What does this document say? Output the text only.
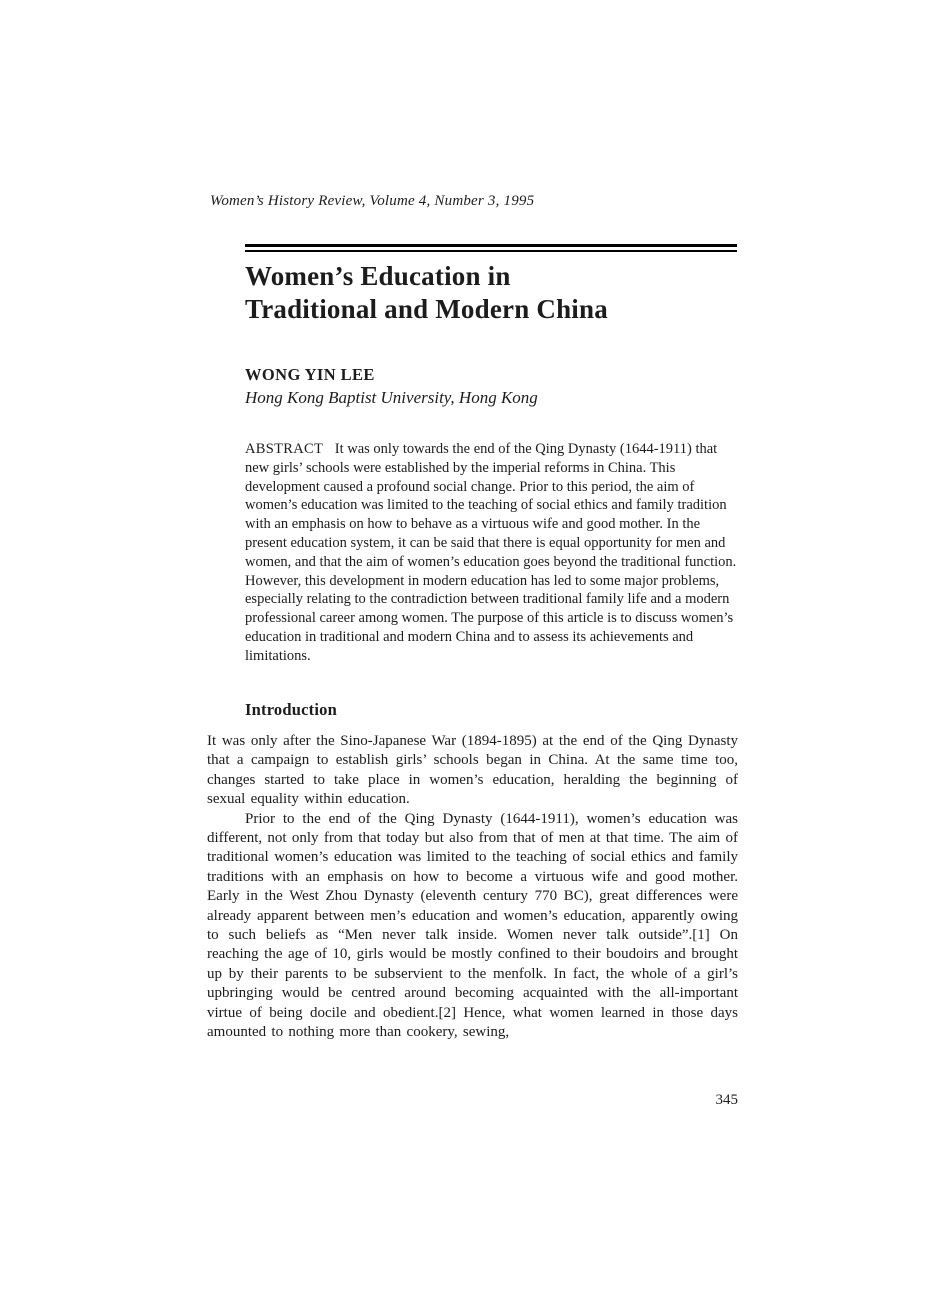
Women’s History Review, Volume 4, Number 3, 1995
Women’s Education in
Traditional and Modern China
WONG YIN LEE
Hong Kong Baptist University, Hong Kong

ABSTRACT It was only towards the end of the Qing Dynasty (1644-1911) that new girls’ schools were established by the imperial reforms in China. This development caused a profound social change. Prior to this period, the aim of women’s education was limited to the teaching of social ethics and family tradition with an emphasis on how to behave as a virtuous wife and good mother. In the present education system, it can be said that there is equal opportunity for men and women, and that the aim of women’s education goes beyond the traditional function. However, this development in modern education has led to some major problems, especially relating to the contradiction between traditional family life and a modern professional career among women. The purpose of this article is to discuss women’s education in traditional and modern China and to assess its achievements and limitations.

Introduction

It was only after the Sino-Japanese War (1894-1895) at the end of the Qing Dynasty that a campaign to establish girls’ schools began in China. At the same time too, changes started to take place in women’s education, heralding the beginning of sexual equality within education.

Prior to the end of the Qing Dynasty (1644-1911), women’s education was different, not only from that today but also from that of men at that time. The aim of traditional women’s education was limited to the teaching of social ethics and family traditions with an emphasis on how to become a virtuous wife and good mother. Early in the West Zhou Dynasty (eleventh century 770 BC), great differences were already apparent between men’s education and women’s education, apparently owing to such beliefs as “Men never talk inside. Women never talk outside”.[1] On reaching the age of 10, girls would be mostly confined to their boudoirs and brought up by their parents to be subservient to the menfolk. In fact, the whole of a girl’s upbringing would be centred around becoming acquainted with the all-important virtue of being docile and obedient.[2] Hence, what women learned in those days amounted to nothing more than cookery, sewing,

345
